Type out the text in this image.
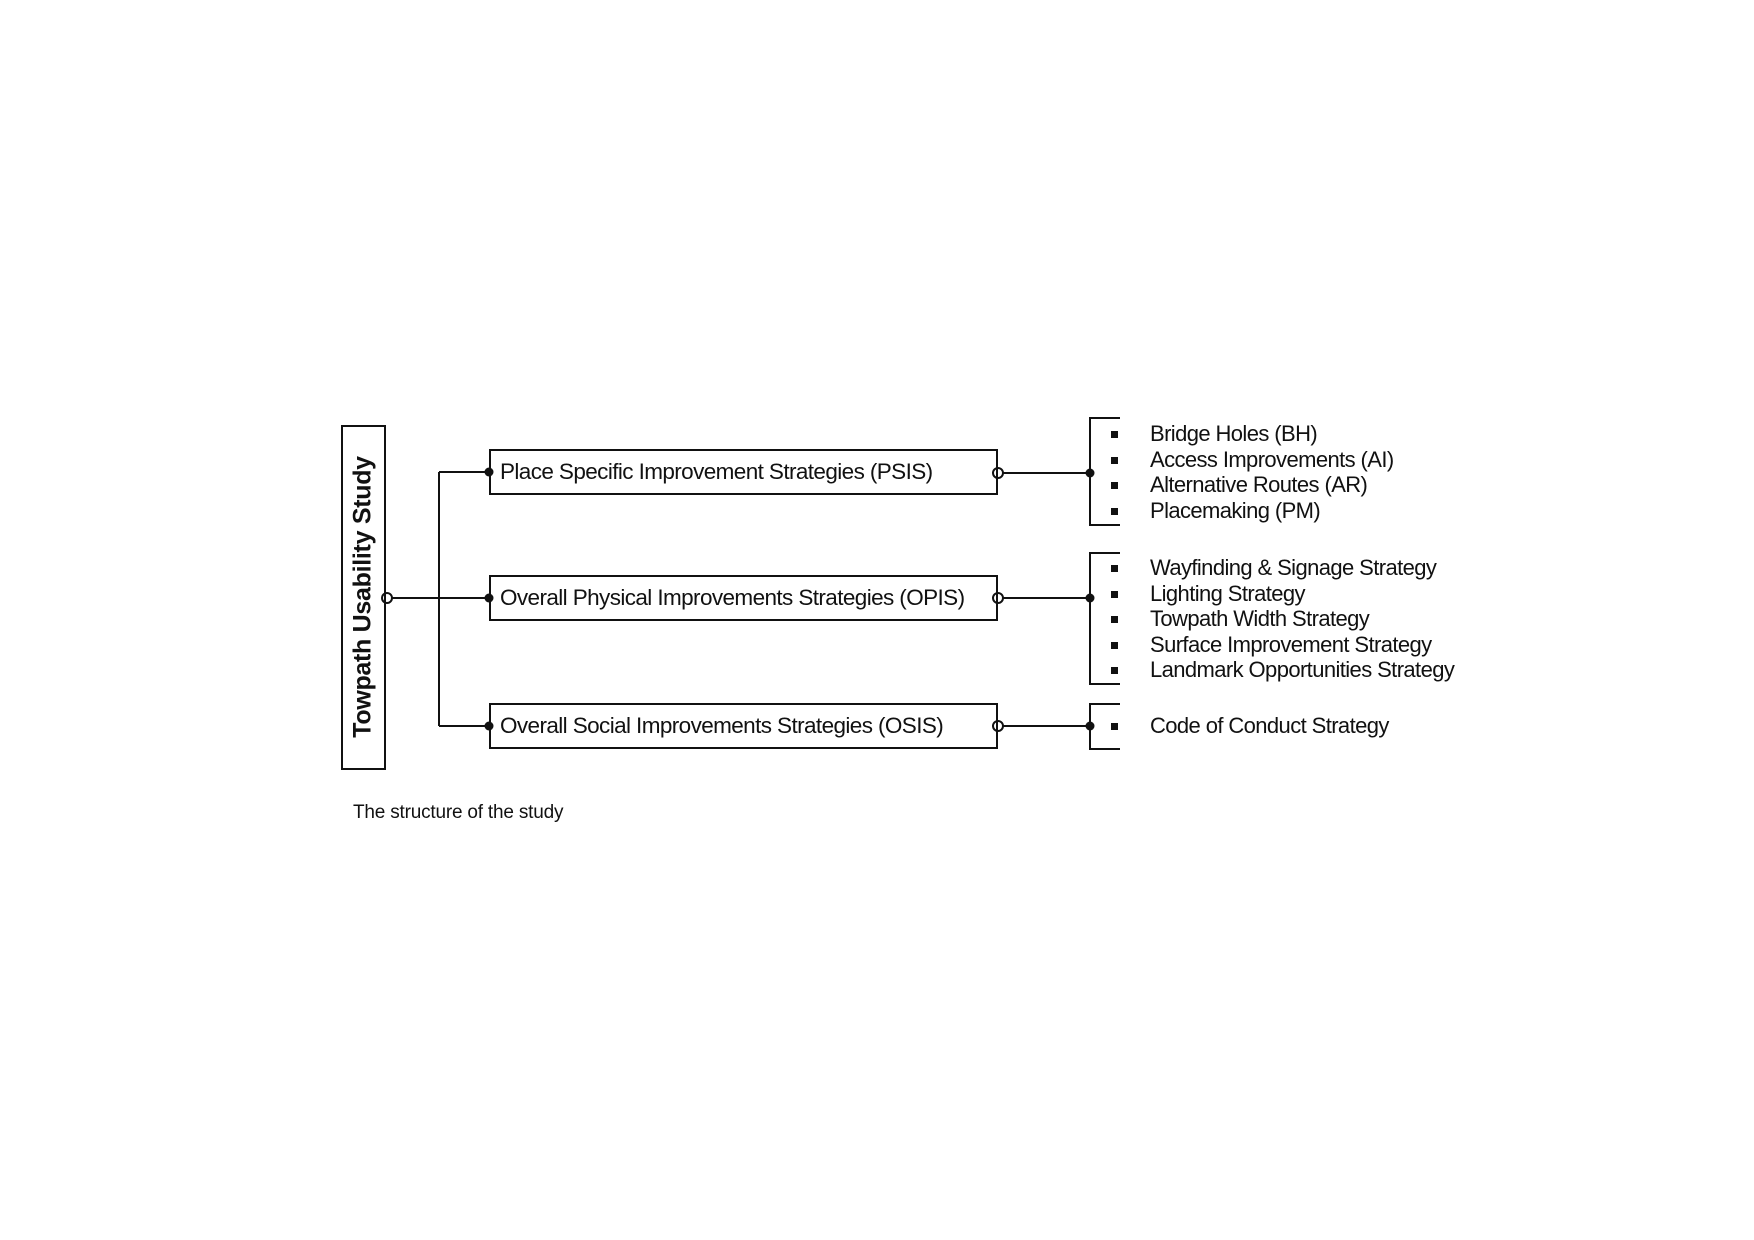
Towpath Usability Study	Place Specific Improvement Strategies (PSIS)
Overall Physical Improvements Strategies (OPIS)
Overall Social Improvements Strategies (OSIS)
Bridge Holes (BH)
Access Improvements (AI)
Alternative Routes (AR)
Placemaking (PM)
Wayfinding & Signage Strategy
Lighting Strategy
Towpath Width Strategy
Surface Improvement Strategy
Landmark Opportunities Strategy
Code of Conduct Strategy
The structure of the study
